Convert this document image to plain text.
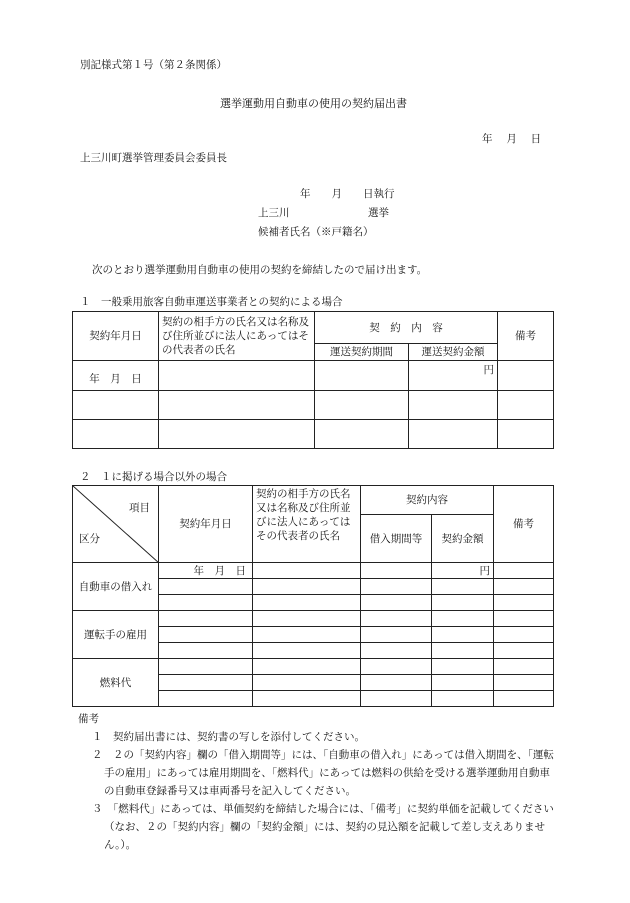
別記様式第１号（第２条関係）
選挙運動用自動車の使用の契約届出書
年　 月　 日
上三川町選挙管理委員会委員長
年　　月　　日執行
上三川	選挙
候補者氏名（※戸籍名）
次のとおり選挙運動用自動車の使用の契約を締結したので届け出ます。
１　一般乗用旅客自動車運送事業者との契約による場合
契約年月日	契約の相手方の氏名又は名称及び住所並びに法人にあってはその代表者の氏名	契　約　内　容		備考
		運送契約期間	運送契約金額	
年　月　日			円	

２　１に掲げる場合以外の場合
項目
区分	契約年月日	契約の相手方の氏名又は名称及び住所並びに法人にあってはその代表者の氏名	契約内容		備考
			借入期間等	契約金額	
自動車の借入れ	年　月　日			円	

運転手の雇用					

燃料代					

備考

１　契約届出書には、契約書の写しを添付してください。

２　２の「契約内容」欄の「借入期間等」には、「自動車の借入れ」にあっては借入期間を、「運転手の雇用」にあっては雇用期間を、「燃料代」にあっては燃料の供給を受ける選挙運動用自動車の自動車登録番号又は車両番号を記入してください。

３　「燃料代」にあっては、単価契約を締結した場合には、「備考」に契約単価を記載してください（なお、２の「契約内容」欄の「契約金額」には、契約の見込額を記載して差し支えありません。）。
